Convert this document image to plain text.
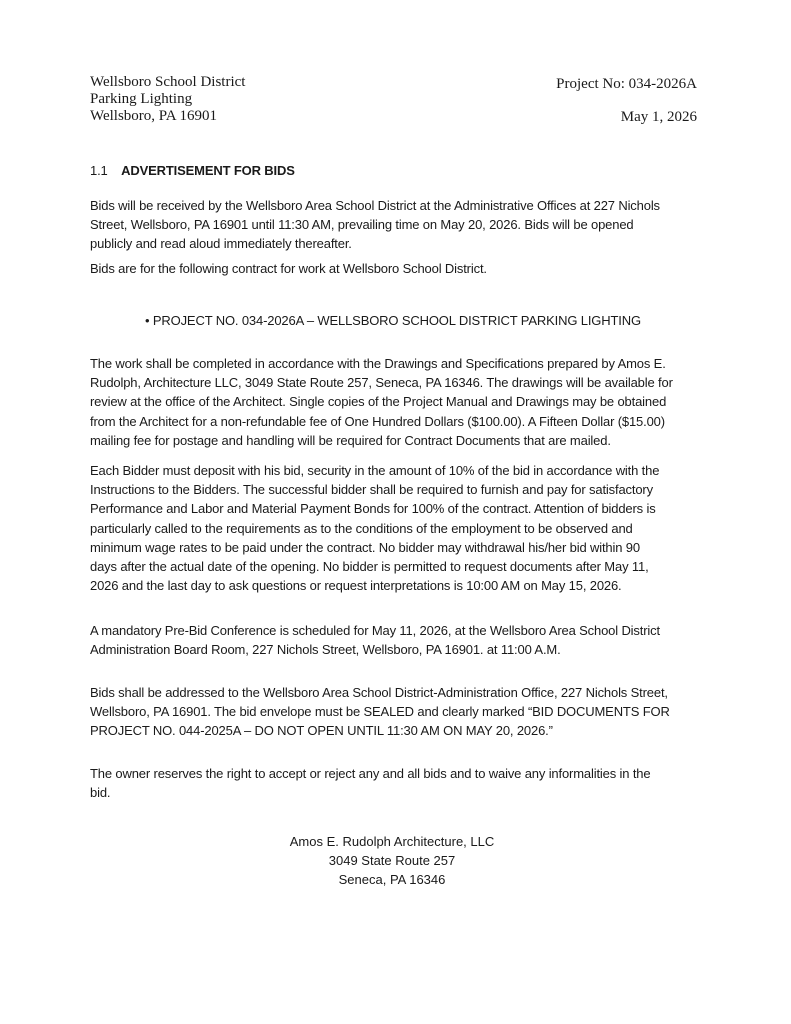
Wellsboro School District
Parking Lighting
Wellsboro, PA 16901
Project No: 034-2026A
May 1, 2026
1.1 ADVERTISEMENT FOR BIDS
Bids will be received by the Wellsboro Area School District at the Administrative Offices at 227 Nichols
Street, Wellsboro, PA 16901 until 11:30 AM, prevailing time on May 20, 2026. Bids will be opened
publicly and read aloud immediately thereafter.
Bids are for the following contract for work at Wellsboro School District.
• PROJECT NO. 034-2026A – WELLSBORO SCHOOL DISTRICT PARKING LIGHTING
The work shall be completed in accordance with the Drawings and Specifications prepared by Amos E.
Rudolph, Architecture LLC, 3049 State Route 257, Seneca, PA 16346. The drawings will be available for
review at the office of the Architect. Single copies of the Project Manual and Drawings may be obtained
from the Architect for a non-refundable fee of One Hundred Dollars ($100.00). A Fifteen Dollar ($15.00)
mailing fee for postage and handling will be required for Contract Documents that are mailed.
Each Bidder must deposit with his bid, security in the amount of 10% of the bid in accordance with the
Instructions to the Bidders. The successful bidder shall be required to furnish and pay for satisfactory
Performance and Labor and Material Payment Bonds for 100% of the contract. Attention of bidders is
particularly called to the requirements as to the conditions of the employment to be observed and
minimum wage rates to be paid under the contract. No bidder may withdrawal his/her bid within 90
days after the actual date of the opening. No bidder is permitted to request documents after May 11,
2026 and the last day to ask questions or request interpretations is 10:00 AM on May 15, 2026.
A mandatory Pre-Bid Conference is scheduled for May 11, 2026, at the Wellsboro Area School District
Administration Board Room, 227 Nichols Street, Wellsboro, PA 16901. at 11:00 A.M.
Bids shall be addressed to the Wellsboro Area School District-Administration Office, 227 Nichols Street,
Wellsboro, PA 16901. The bid envelope must be SEALED and clearly marked “BID DOCUMENTS FOR
PROJECT NO. 044-2025A – DO NOT OPEN UNTIL 11:30 AM ON MAY 20, 2026.”
The owner reserves the right to accept or reject any and all bids and to waive any informalities in the
bid.
Amos E. Rudolph Architecture, LLC
3049 State Route 257
Seneca, PA 16346
